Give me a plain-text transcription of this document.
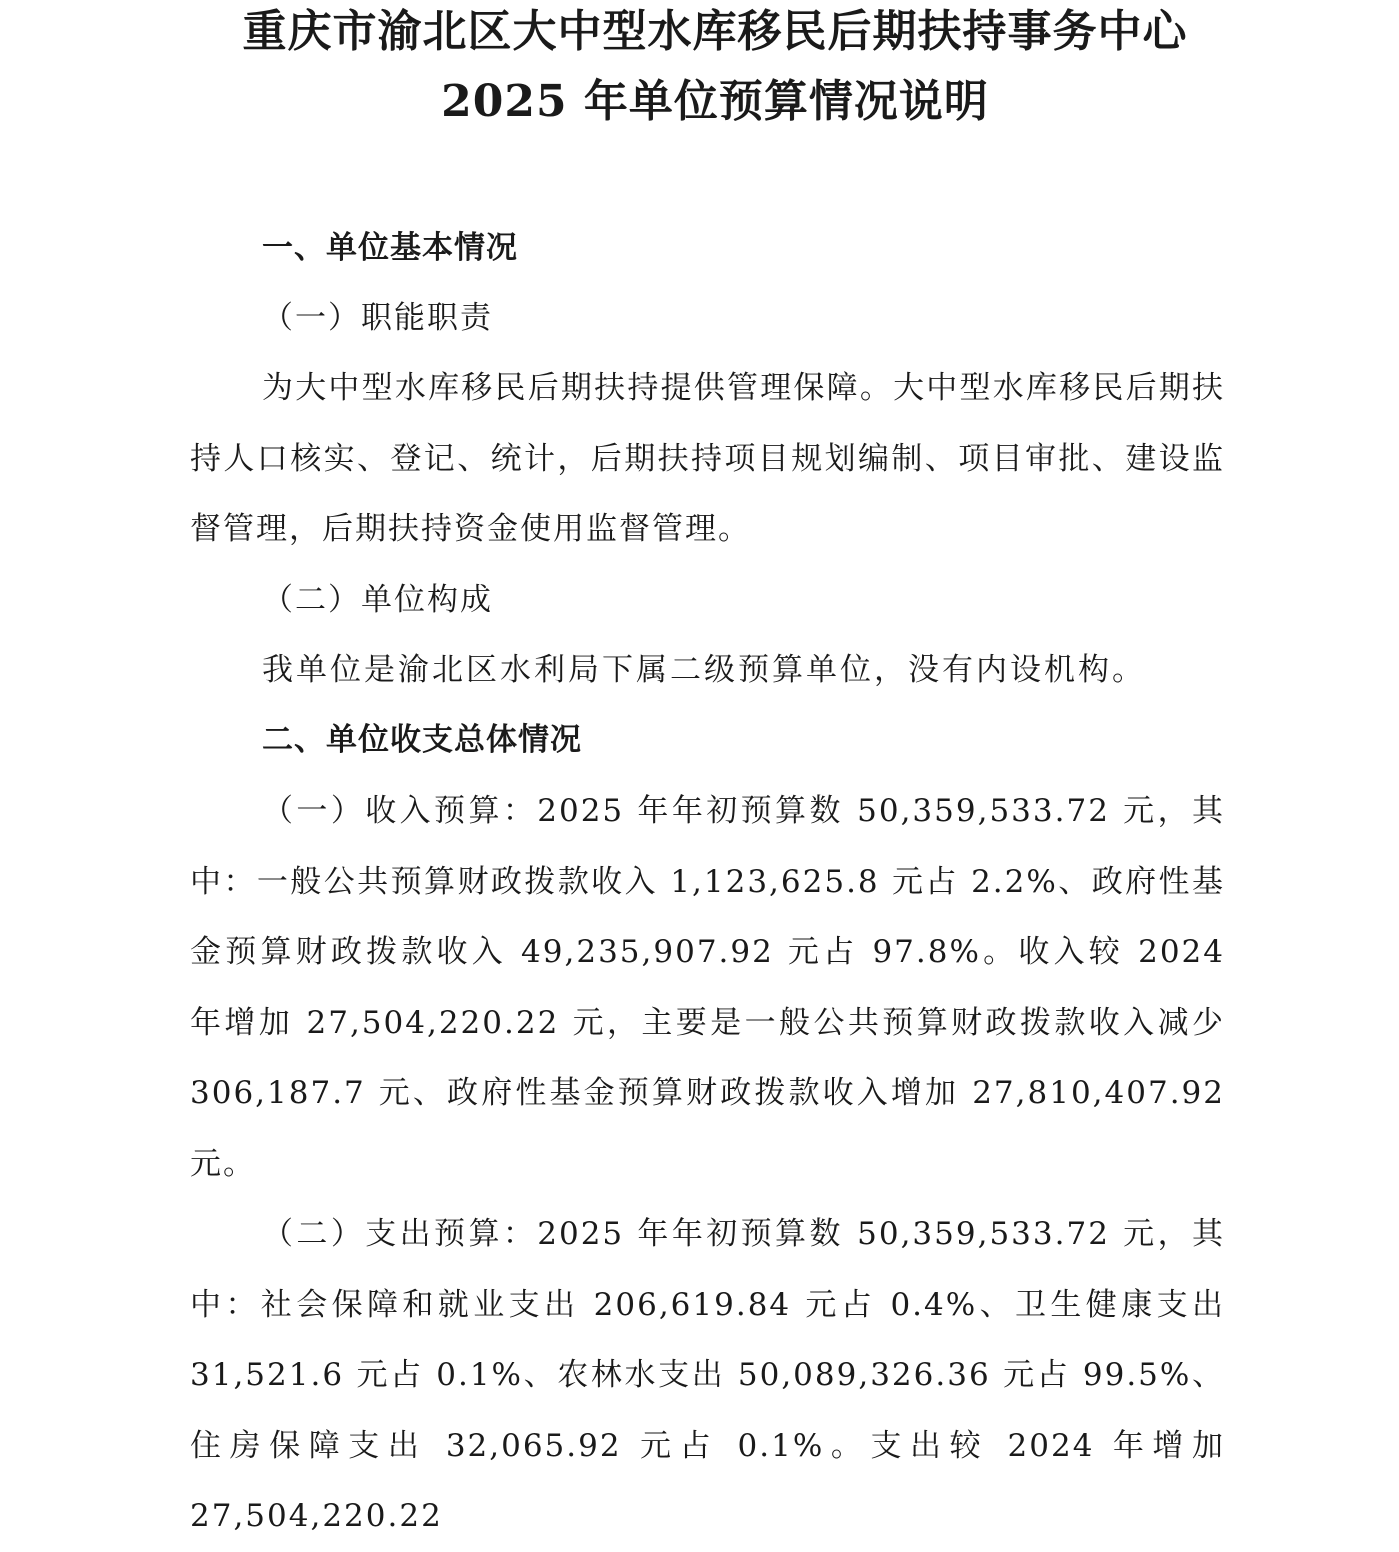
重庆市渝北区大中型水库移民后期扶持事务中心
2025 年单位预算情况说明
一、单位基本情况
（一）职能职责

为大中型水库移民后期扶持提供管理保障。大中型水库移民后期扶持人口核实、登记、统计，后期扶持项目规划编制、项目审批、建设监督管理，后期扶持资金使用监督管理。

（二）单位构成

我单位是渝北区水利局下属二级预算单位，没有内设机构。

二、单位收支总体情况

（一）收入预算：2025 年年初预算数 50,359,533.72 元，其中：一般公共预算财政拨款收入 1,123,625.8 元占 2.2%、政府性基金预算财政拨款收入 49,235,907.92 元占 97.8%。收入较 2024 年增加 27,504,220.22 元，主要是一般公共预算财政拨款收入减少 306,187.7 元、政府性基金预算财政拨款收入增加 27,810,407.92 元。

（二）支出预算：2025 年年初预算数 50,359,533.72 元，其中：社会保障和就业支出 206,619.84 元占 0.4%、卫生健康支出 31,521.6 元占 0.1%、农林水支出 50,089,326.36 元占 99.5%、住房保障支出 32,065.92 元占 0.1%。支出较 2024 年增加 27,504,220.22
